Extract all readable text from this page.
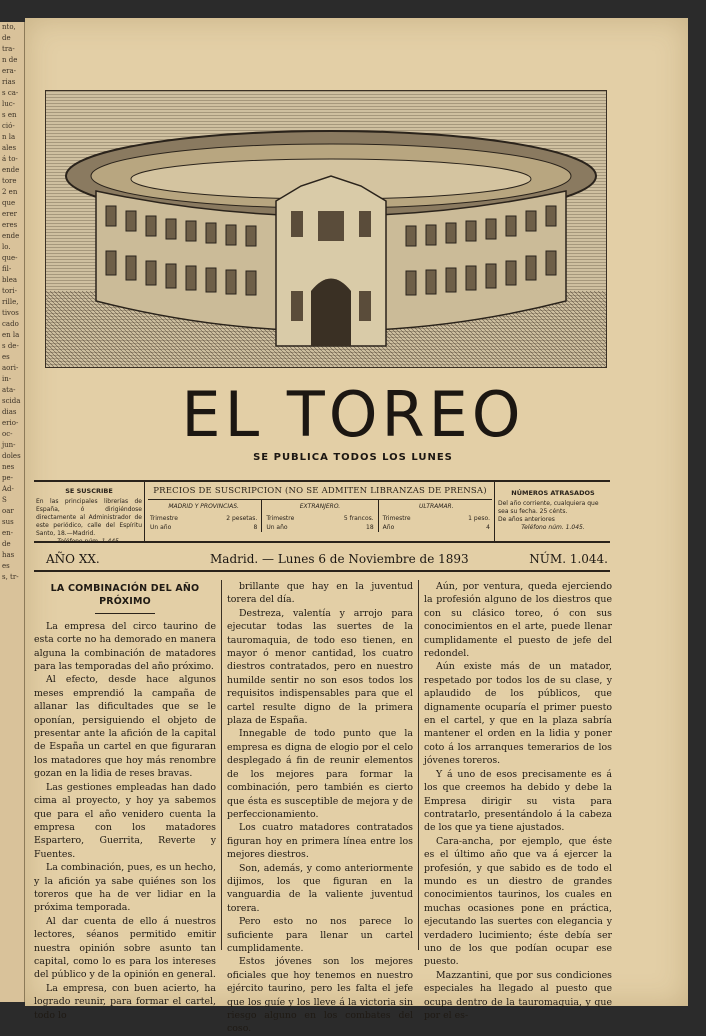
nto,
de
tra-
n de
era-
rias
s ca-
luc-
s en
ció-
n la
ales
á to-
ende
tore
2 en
que
erer
eres
ende
lo.
que-
fil-
blea
tori-
rille,
tivos
cado
en la
s de-
es
aori-
in-
ata-
scida
dias
erio-
oc-
jun-
doles
nes
pe-
Ad-
S
oar
sus
en-
de
has
es
s, tr-
EL TOREO
SE PUBLICA TODOS LOS LUNES
SE SUSCRIBE
En las principales librerías de España, ó dirigiéndose directamente al Administrador de este periódico, calle del Espíritu Santo, 18.—Madrid.
Teléfono núm. 1.445.
PRECIOS DE SUSCRIPCION (NO SE ADMITEN LIBRANZAS DE PRENSA)
MADRID Y PROVINCIAS.
Trimestre	2 pesetas.
Un año	8
EXTRANJERO.
Trimestre	5 francos.
Un año	18
ULTRAMAR.
Trimestre	1 peso.
Año	4
NÚMEROS ATRASADOS
Del año corriente, cualquiera que sea su fecha. 25 cénts.
De años anteriores
Teléfono núm. 1.045.
AÑO XX.	Madrid. — Lunes 6 de Noviembre de 1893	NÚM. 1.044.
LA COMBINACIÓN DEL AÑO PRÓXIMO

La empresa del circo taurino de esta corte no ha demorado en manera alguna la combinación de matadores para las temporadas del año próximo.

Al efecto, desde hace algunos meses emprendió la campaña de allanar las dificultades que se le oponían, persiguiendo el objeto de presentar ante la afición de la capital de España un cartel en que figuraran los matadores que hoy más renombre gozan en la lidia de reses bravas.

Las gestiones empleadas han dado cima al proyecto, y hoy ya sabemos que para el año venidero cuenta la empresa con los matadores Espartero, Guerrita, Reverte y Fuentes.

La combinación, pues, es un hecho, y la afición ya sabe quiénes son los toreros que ha de ver lidiar en la próxima temporada.

Al dar cuenta de ello á nuestros lectores, séanos permitido emitir nuestra opinión sobre asunto tan capital, como lo es para los intereses del público y de la opinión en general.

La empresa, con buen acierto, ha logrado reunir, para formar el cartel, todo lo

brillante que hay en la juventud torera del día.

Destreza, valentía y arrojo para ejecutar todas las suertes de la tauromaquia, de todo eso tienen, en mayor ó menor cantidad, los cuatro diestros contratados, pero en nuestro humilde sentir no son esos todos los requisitos indispensables para que el cartel resulte digno de la primera plaza de España.

Innegable de todo punto que la empresa es digna de elogio por el celo desplegado á fin de reunir elementos de los mejores para formar la combinación, pero también es cierto que ésta es susceptible de mejora y de perfeccionamiento.

Los cuatro matadores contratados figuran hoy en primera línea entre los mejores diestros.

Son, además, y como anteriormente dijimos, los que figuran en la vanguardia de la valiente juventud torera.

Pero esto no nos parece lo suficiente para llenar un cartel cumplidamente.

Estos jóvenes son los mejores oficiales que hoy tenemos en nuestro ejército taurino, pero les falta el jefe que los guíe y los lleve á la victoria sin riesgo alguno en los combates del coso.

Aún, por ventura, queda ejerciendo la profesión alguno de los diestros que con su clásico toreo, ó con sus conocimientos en el arte, puede llenar cumplidamente el puesto de jefe del redondel.

Aún existe más de un matador, respetado por todos los de su clase, y aplaudido de los públicos, que dignamente ocuparía el primer puesto en el cartel, y que en la plaza sabría mantener el orden en la lidia y poner coto á los arranques temerarios de los jóvenes toreros.

Y á uno de esos precisamente es á los que creemos ha debido y debe la Empresa dirigir su vista para contratarlo, presentándolo á la cabeza de los que ya tiene ajustados.

Cara-ancha, por ejemplo, que éste es el último año que va á ejercer la profesión, y que sabido es de todo el mundo es un diestro de grandes conocimientos taurinos, los cuales en muchas ocasiones pone en práctica, ejecutando las suertes con elegancia y verdadero lucimiento; éste debía ser uno de los que podían ocupar ese puesto.

Mazzantini, que por sus condiciones especiales ha llegado al puesto que ocupa dentro de la tauromaquia, y que por el es-
